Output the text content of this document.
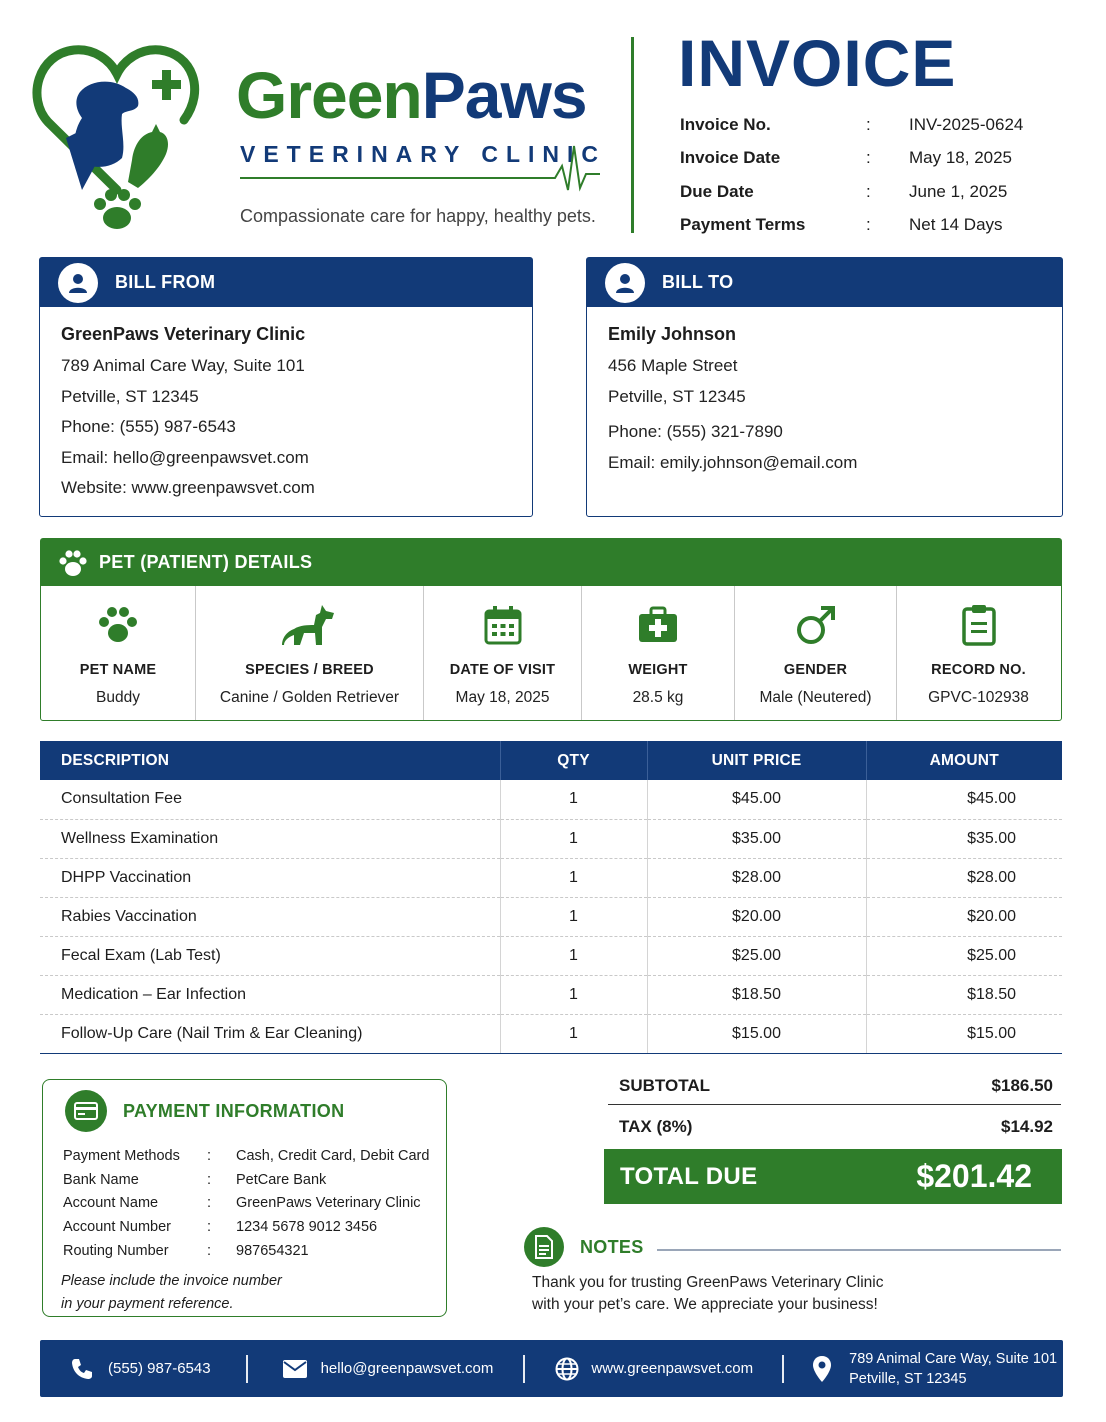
GreenPaws
VETERINARY CLINIC
Compassionate care for happy, healthy pets.
INVOICE
Invoice No.	:	INV-2025-0624
Invoice Date	:	May 18, 2025
Due Date	:	June 1, 2025
Payment Terms	:	Net 14 Days
BILL FROM
GreenPaws Veterinary Clinic
789 Animal Care Way, Suite 101
Petville, ST 12345
Phone: (555) 987-6543
Email: hello@greenpawsvet.com
Website: www.greenpawsvet.com
BILL TO
Emily Johnson
456 Maple Street
Petville, ST 12345
Phone: (555) 321-7890
Email: emily.johnson@email.com
PET (PATIENT) DETAILS
PET NAME
Buddy
SPECIES / BREED
Canine / Golden Retriever
DATE OF VISIT
May 18, 2025
WEIGHT
28.5 kg
GENDER
Male (Neutered)
RECORD NO.
GPVC-102938
DESCRIPTION	QTY	UNIT PRICE	AMOUNT
Consultation Fee	1	$45.00	$45.00
Wellness Examination	1	$35.00	$35.00
DHPP Vaccination	1	$28.00	$28.00
Rabies Vaccination	1	$20.00	$20.00
Fecal Exam (Lab Test)	1	$25.00	$25.00
Medication – Ear Infection	1	$18.50	$18.50
Follow-Up Care (Nail Trim & Ear Cleaning)	1	$15.00	$15.00
PAYMENT INFORMATION
Payment Methods	:	Cash, Credit Card, Debit Card
Bank Name	:	PetCare Bank
Account Name	:	GreenPaws Veterinary Clinic
Account Number	:	1234 5678 9012 3456
Routing Number	:	987654321
Please include the invoice number
in your payment reference.
SUBTOTAL	$186.50
TAX (8%)	$14.92
TOTAL DUE	$201.42
NOTES
Thank you for trusting GreenPaws Veterinary Clinic
with your pet’s care. We appreciate your business!
(555) 987-6543	hello@greenpawsvet.com	www.greenpawsvet.com
789 Animal Care Way, Suite 101
Petville, ST 12345
